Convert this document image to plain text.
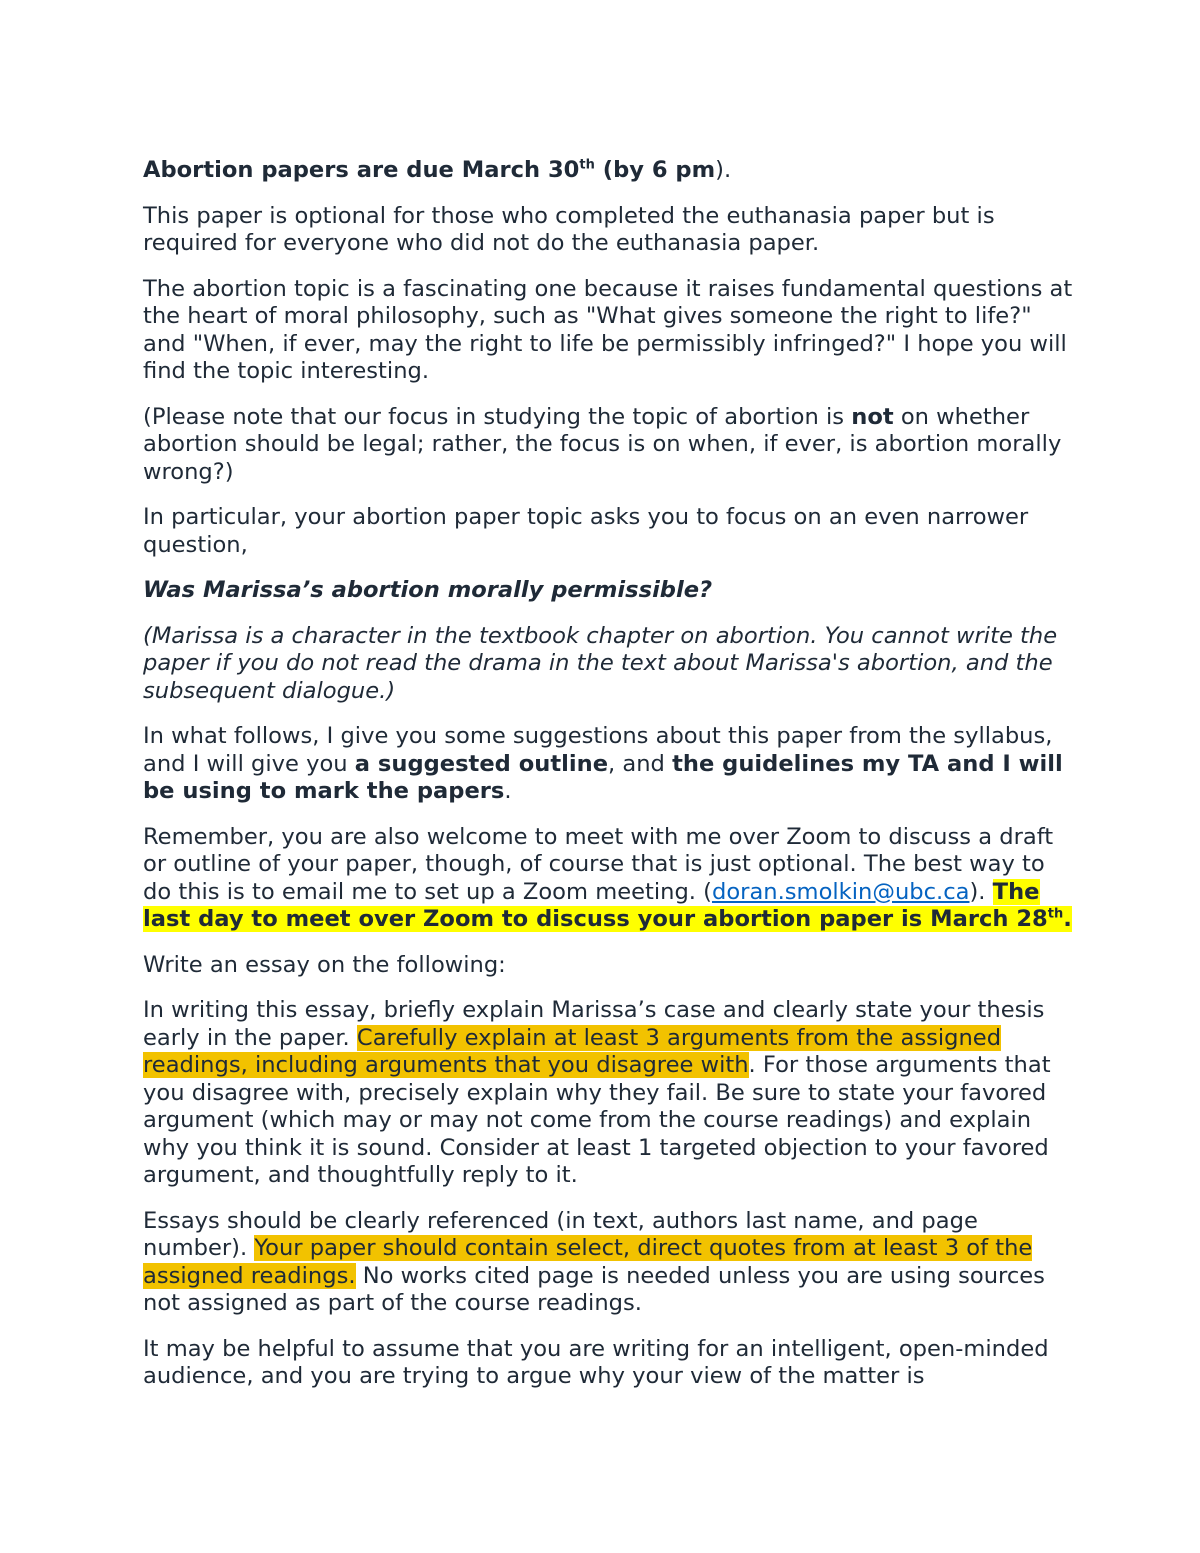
Abortion papers are due March 30th (by 6 pm).

This paper is optional for those who completed the euthanasia paper but is required for everyone who did not do the euthanasia paper.

The abortion topic is a fascinating one because it raises fundamental questions at the heart of moral philosophy, such as "What gives someone the right to life?" and "When, if ever, may the right to life be permissibly infringed?" I hope you will find the topic interesting.

(Please note that our focus in studying the topic of abortion is not on whether abortion should be legal; rather, the focus is on when, if ever, is abortion morally wrong?)

In particular, your abortion paper topic asks you to focus on an even narrower question,

Was Marissa’s abortion morally permissible?

(Marissa is a character in the textbook chapter on abortion. You cannot write the paper if you do not read the drama in the text about Marissa's abortion, and the subsequent dialogue.)

In what follows, I give you some suggestions about this paper from the syllabus, and I will give you a suggested outline, and the guidelines my TA and I will be using to mark the papers.

Remember, you are also welcome to meet with me over Zoom to discuss a draft or outline of your paper, though, of course that is just optional. The best way to do this is to email me to set up a Zoom meeting. (doran.smolkin@ubc.ca). The last day to meet over Zoom to discuss your abortion paper is March 28th.

Write an essay on the following:

In writing this essay, briefly explain Marissa’s case and clearly state your thesis early in the paper. Carefully explain at least 3 arguments from the assigned readings, including arguments that you disagree with. For those arguments that you disagree with, precisely explain why they fail. Be sure to state your favored argument (which may or may not come from the course readings) and explain why you think it is sound. Consider at least 1 targeted objection to your favored argument, and thoughtfully reply to it.

Essays should be clearly referenced (in text, authors last name, and page number). Your paper should contain select, direct quotes from at least 3 of the assigned readings. No works cited page is needed unless you are using sources not assigned as part of the course readings.

It may be helpful to assume that you are writing for an intelligent, open-minded audience, and you are trying to argue why your view of the matter is
